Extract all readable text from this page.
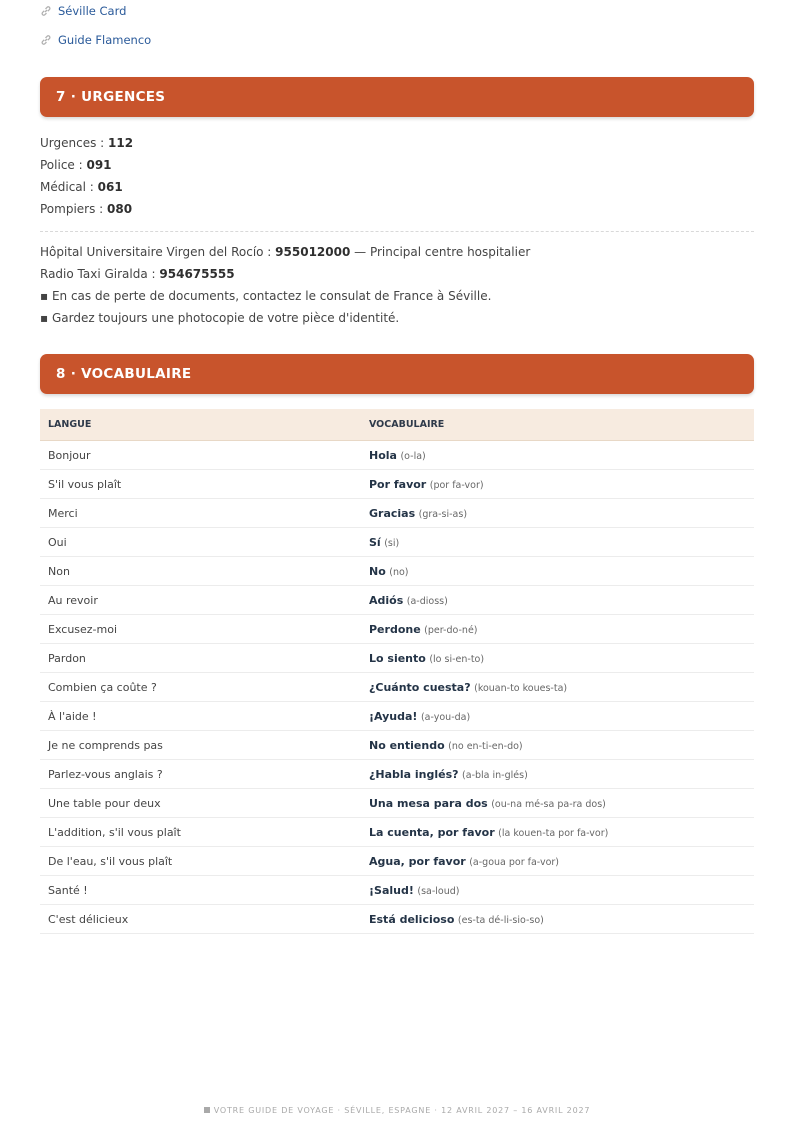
Séville Card
Guide Flamenco
7 · URGENCES
Urgences : 112
Police : 091
Médical : 061
Pompiers : 080
Hôpital Universitaire Virgen del Rocío : 955012000 — Principal centre hospitalier
Radio Taxi Giralda : 954675555
▪ En cas de perte de documents, contactez le consulat de France à Séville.
▪ Gardez toujours une photocopie de votre pièce d'identité.
8 · VOCABULAIRE
LANGUE	VOCABULAIRE
Bonjour	Hola (o-la)
S'il vous plaît	Por favor (por fa-vor)
Merci	Gracias (gra-si-as)
Oui	Sí (si)
Non	No (no)
Au revoir	Adiós (a-dioss)
Excusez-moi	Perdone (per-do-né)
Pardon	Lo siento (lo si-en-to)
Combien ça coûte ?	¿Cuánto cuesta? (kouan-to koues-ta)
À l'aide !	¡Ayuda! (a-you-da)
Je ne comprends pas	No entiendo (no en-ti-en-do)
Parlez-vous anglais ?	¿Habla inglés? (a-bla in-glés)
Une table pour deux	Una mesa para dos (ou-na mé-sa pa-ra dos)
L'addition, s'il vous plaît	La cuenta, por favor (la kouen-ta por fa-vor)
De l'eau, s'il vous plaît	Agua, por favor (a-goua por fa-vor)
Santé !	¡Salud! (sa-loud)
C'est délicieux	Está delicioso (es-ta dé-li-sio-so)
VOTRE GUIDE DE VOYAGE · SÉVILLE, ESPAGNE · 12 AVRIL 2027 – 16 AVRIL 2027
